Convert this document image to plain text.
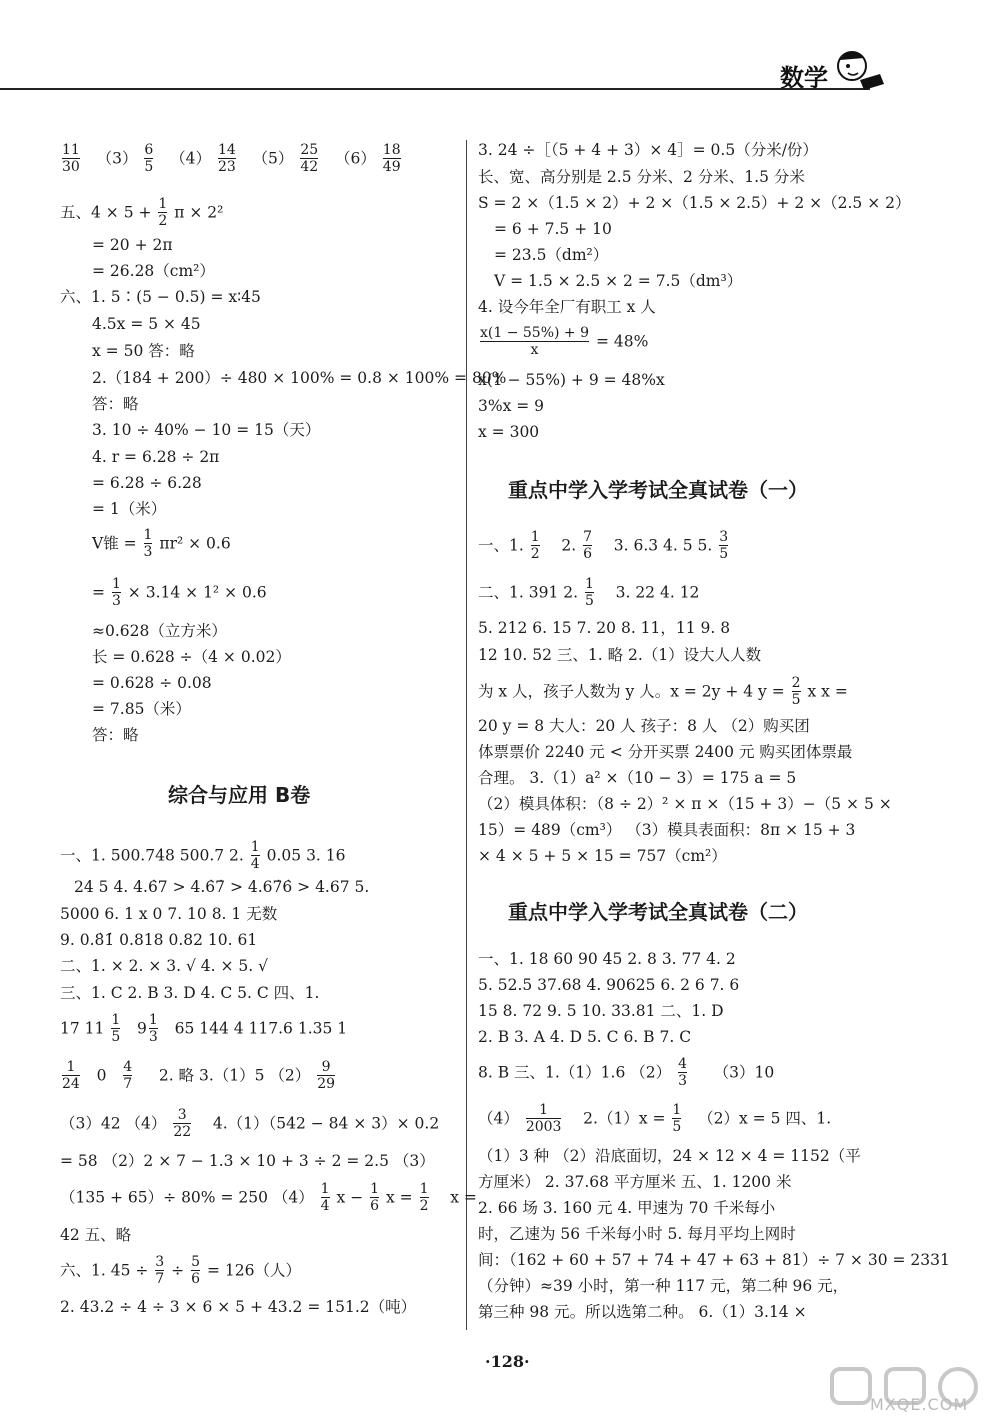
数学
$\frac{11}{30} (3) \frac{6}{5} (4) \frac{14}{23} (5) \frac{25}{42} (6) \frac{18}{49}$
五、$4 \times 5 + \frac{1}{2}$ π × 2²
= 20 + 2π
= 26.28（cm²）
六、1. 5∶(5 − 0.5) = x∶45
4.5x = 5 × 45
x = 50 答：略
2.（184 + 200）÷ 480 × 100% = 0.8 × 100% = 80%
答：略
3. 10 ÷ 40% − 10 = 15（天）
4. r = 6.28 ÷ 2π
= 6.28 ÷ 6.28
= 1（米）
V锥 = $\frac{1}{3} \pi r^2 \times 0.6$
= $\frac{1}{3} \times 3.14 \times 1^2 \times 0.6$
≈0.628（立方米）
长 = 0.628 ÷（4 × 0.02）
= 0.628 ÷ 0.08
= 7.85（米）
答：略
综合与应用 B卷
一、1. 500.748 500.7 2. $\frac{1}{4} 0.05$ 3. 16
24 5 4. 4.6̇7 > 4.6̇7̇ > 4.67̇6̇ > 4.67 5.
5000 6. 1 x 0 7. 10 8. 1 无数
9. 0.8̇1̇ 0.818 0.82 10. 61
二、1. × 2. × 3. √ 4. × 5. √
三、1. C 2. B 3. D 4. C 5. C 四、1.
17 $11 \frac{1}{5} 9 \frac{1}{3} 65$ 144 4 117.6 1.35 1
$\frac{1}{24} 0 \frac{4}{7} 2$. 略 3.（1）5 $(2) \frac{9}{29}$
（3）42 $(4) \frac{3}{22} 4.(1)(542 - 84 \times 3)\times 0.2$
= 58 （2）2 × 7 − 1.3 × 10 + 3 ÷ 2 = 2.5 （3）
（135 + 65）÷ 80% = 250 $(4) \frac{1}{4}$ $x - \frac{1}{6}$ $x = \frac{1}{2}$ x =
42 五、略
六、1. $45 \div \frac{3}{7} \div \frac{5}{6} = 126$（人）
2. 43.2 ÷ 4 ÷ 3 × 6 × 5 + 43.2 = 151.2（吨）
3. 24 ÷［（5 + 4 + 3）× 4］= 0.5（分米/份）
长、宽、高分别是 2.5 分米、2 分米、1.5 分米
S = 2 ×（1.5 × 2）+ 2 ×（1.5 × 2.5）+ 2 ×（2.5 × 2）
= 6 + 7.5 + 10
= 23.5（dm²）
V = 1.5 × 2.5 × 2 = 7.5（dm³）
4. 设今年全厂有职工 x 人
$\frac{x(1 - 55\%) + 9}{x} = 48\%$
x(1 − 55%) + 9 = 48%x
3%x = 9
x = 300
重点中学入学考试全真试卷（一）
一、1. $\frac{1}{2} 2$. $\frac{7}{6} 3$. 6.3 4. 5 5. $\frac{3}{5}$
二、1. 391 2. $\frac{1}{5} 3$. 22 4. 12
5. 212 6. 15 7. 20 8. 11，11 9. 8
12 10. 52 三、1. 略 2.（1）设大人人数
为 x 人，孩子人数为 y 人。x = 2y + 4 $y = \frac{2}{5}$ x x =
20 y = 8 大人：20 人 孩子：8 人 （2）购买团
体票票价 2240 元 < 分开买票 2400 元 购买团体票最
合理。 3.（1）a² ×（10 − 3）= 175 a = 5
（2）模具体积：（8 ÷ 2）² × π ×（15 + 3）−（5 × 5 ×
15）= 489（cm³） （3）模具表面积：8π × 15 + 3
× 4 × 5 + 5 × 15 = 757（cm²）
重点中学入学考试全真试卷（二）
一、1. 18 60 90 45 2. 8 3. 77 4. 2
5. 52.5 37.68 4. 90625 6. 2 6 7. 6
15 8. 72 9. 5 10. 33.81 二、1. D
2. B 3. A 4. D 5. C 6. B 7. C
8. B 三、1.（1）1.6 $(2) \frac{4}{3} (3)10$
$(4) \frac{1}{2003} 2.(1)x = \frac{1}{5} (2)x = 5$ 四、1.
（1）3 种 （2）沿底面切，24 × 12 × 4 = 1152（平
方厘米） 2. 37.68 平方厘米 五、1. 1200 米
2. 66 场 3. 160 元 4. 甲速为 70 千米每小
时，乙速为 56 千米每小时 5. 每月平均上网时
间：（162 + 60 + 57 + 74 + 47 + 63 + 81）÷ 7 × 30 = 2331
（分钟）≈39 小时，第一种 117 元，第二种 96 元，
第三种 98 元。所以选第二种。 6.（1）3.14 ×
·128·
MXQE.COM
